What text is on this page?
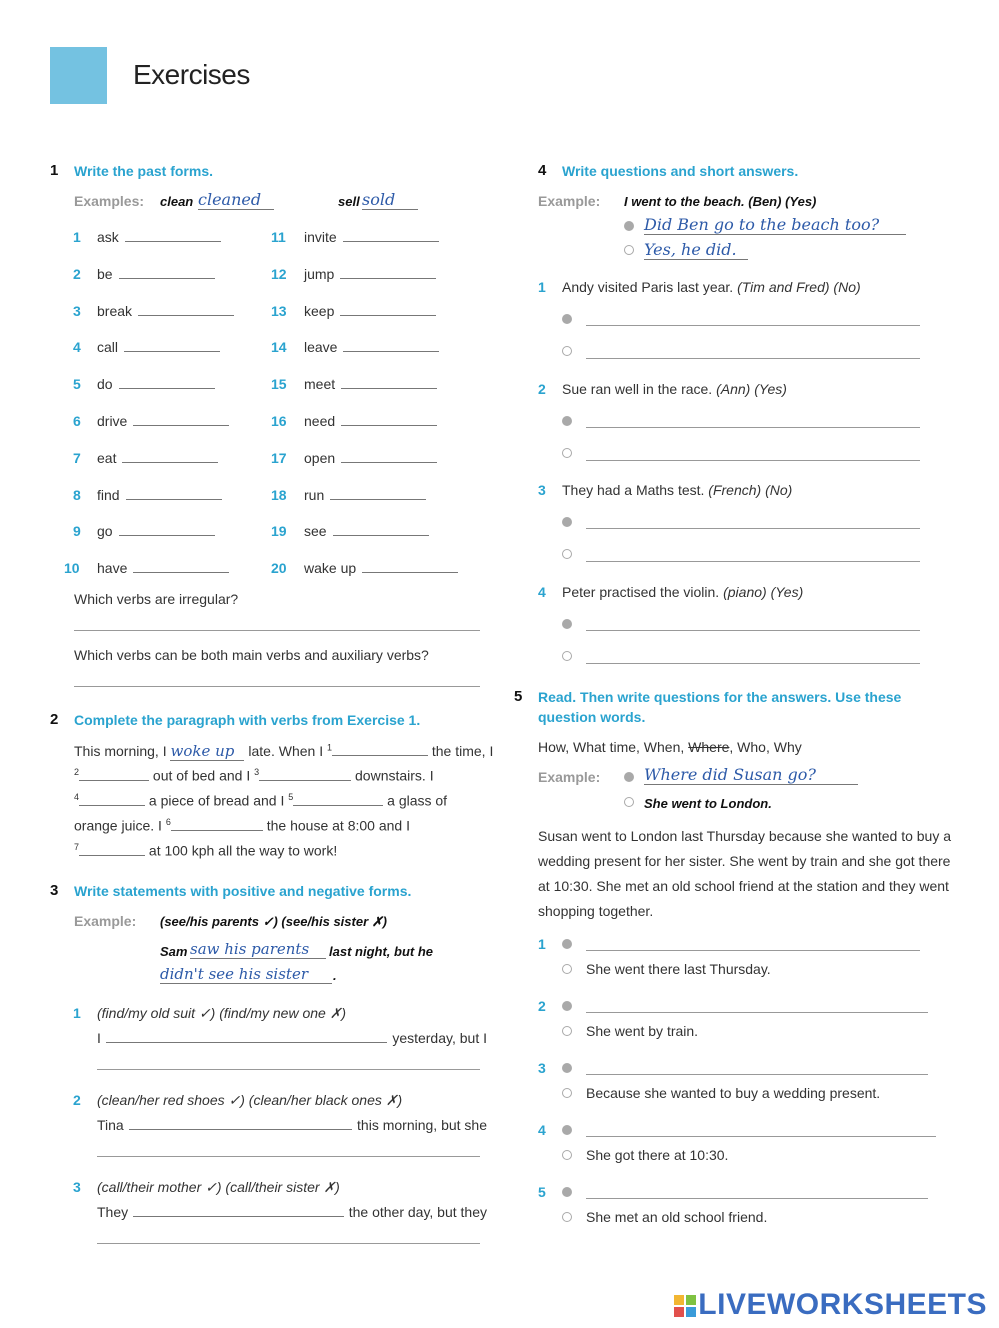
Exercises
1 Write the past forms.
Examples: clean cleaned	sell sold
1 ask
2 be
3 break
4 call
5 do
6 drive
7 eat
8 find
9 go
10 have
11 invite
12 jump
13 keep
14 leave
15 meet
16 need
17 open
18 run
19 see
20 wake up
Which verbs are irregular?
Which verbs can be both main verbs and auxiliary verbs?
2 Complete the paragraph with verbs from Exercise 1.
This morning, I woke up late. When I $^1$	the time, I
$^2$	out of bed and I $^3$	downstairs. I
$^4$	a piece of bread and I $^5$	a glass of
orange juice. I $^6$	the house at 8:00 and I
$^7$	at 100 kph all the way to work!
3 Write statements with positive and negative forms.
Example: (see/his parents ✓) (see/his sister ✗)
Sam saw his parents	last night, but he
didn't see his sister	.
1 (find/my old suit ✓) (find/my new one ✗)
I	yesterday, but I
2 (clean/her red shoes ✓) (clean/her black ones ✗)
Tina	this morning, but she
3 (call/their mother ✓) (call/their sister ✗)
They	the other day, but they
4 Write questions and short answers.
Example: I went to the beach. (Ben) (Yes)
Did Ben go to the beach too?
Yes, he did.
1 Andy visited Paris last year. (Tim and Fred) (No)
2 Sue ran well in the race. (Ann) (Yes)
3 They had a Maths test. (French) (No)
4 Peter practised the violin. (piano) (Yes)
5 Read. Then write questions for the answers. Use these
question words.
How, What time, When, Where, Who, Why
Example:	Where did Susan go?
She went to London.
Susan went to London last Thursday because she wanted to buy a
wedding present for her sister. She went by train and she got there
at 10:30. She met an old school friend at the station and they went
shopping together.
1
She went there last Thursday.
2
She went by train.
3
Because she wanted to buy a wedding present.
4
She got there at 10:30.
5
She met an old school friend.
LIVEWORKSHEETS
